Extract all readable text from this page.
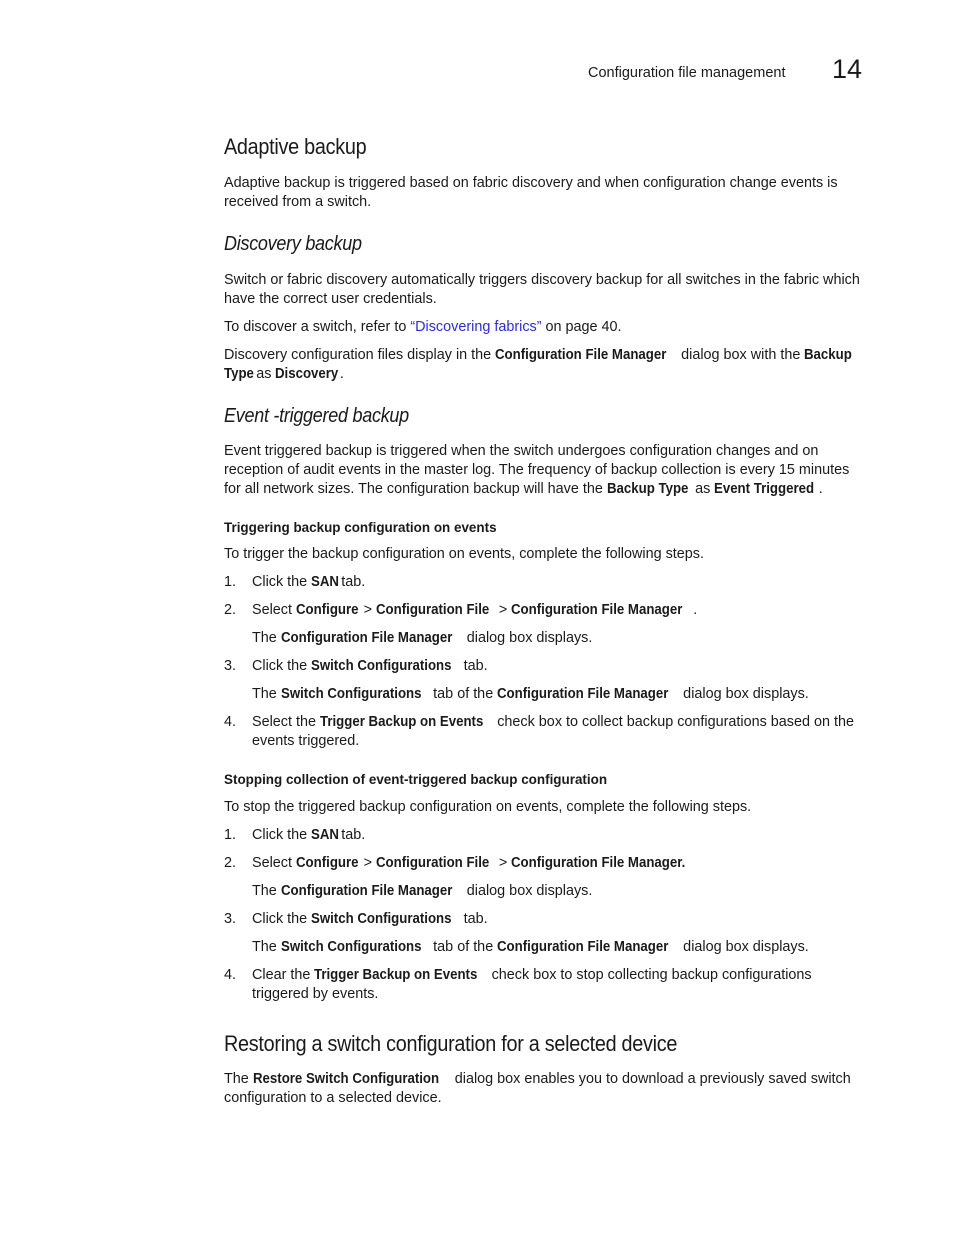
Configuration file management 14
Adaptive backup
Adaptive backup is triggered based on fabric discovery and when configuration change events is received from a switch.
Discovery backup
Switch or fabric discovery automatically triggers discovery backup for all switches in the fabric which have the correct user credentials.
To discover a switch, refer to “Discovering fabrics” on page 40.
Discovery configuration files display in the Configuration File Manager dialog box with the Backup
Type as Discovery.
Event -triggered backup
Event triggered backup is triggered when the switch undergoes configuration changes and on reception of audit events in the master log. The frequency of backup collection is every 15 minutes for all network sizes. The configuration backup will have the Backup Type as Event Triggered .
Triggering backup configuration on events
To trigger the backup configuration on events, complete the following steps.
1. Click the SAN tab.
2. Select Configure > Configuration File > Configuration File Manager .
The Configuration File Manager dialog box displays.
3. Click the Switch Configurations tab.
The Switch Configurations tab of the Configuration File Manager dialog box displays.
4. Select the Trigger Backup on Events check box to collect backup configurations based on the events triggered.
Stopping collection of event-triggered backup configuration
To stop the triggered backup configuration on events, complete the following steps.
1. Click the SAN tab.
2. Select Configure > Configuration File > Configuration File Manager.
The Configuration File Manager dialog box displays.
3. Click the Switch Configurations tab.
The Switch Configurations tab of the Configuration File Manager dialog box displays.
4. Clear the Trigger Backup on Events check box to stop collecting backup configurations triggered by events.
Restoring a switch configuration for a selected device
The Restore Switch Configuration dialog box enables you to download a previously saved switch configuration to a selected device.
